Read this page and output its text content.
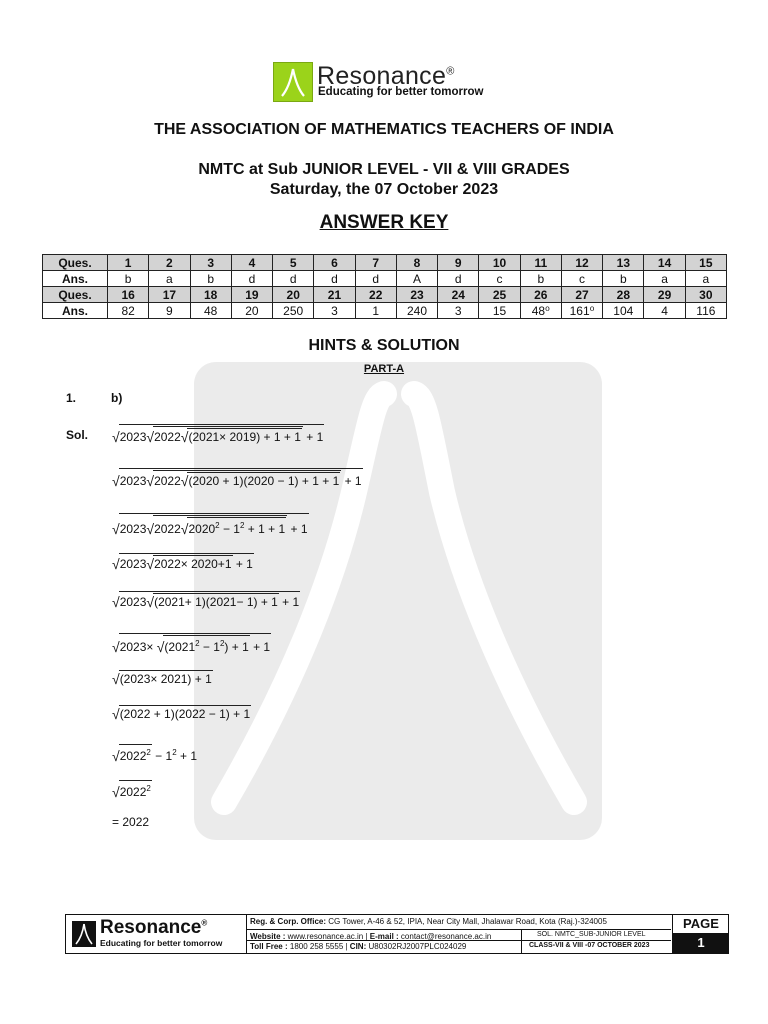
Resonance®
Educating for better tomorrow
THE ASSOCIATION OF MATHEMATICS TEACHERS OF INDIA
NMTC at Sub JUNIOR LEVEL - VII & VIII GRADES
Saturday, the 07 October 2023
ANSWER KEY
Ques.	1	2	3	4	5	6	7	8	9	10	11	12	13	14	15
Ans.	b	a	b	d	d	d	d	A	d	c	b	c	b	a	a
Ques.	16	17	18	19	20	21	22	23	24	25	26	27	28	29	30
Ans.	82	9	48	20	250	3	1	240	3	15	48⁰	161⁰	104	4	116
HINTS & SOLUTION
PART-A
1.	b)
Sol. √2023√2022√(2021× 2019) + 1 + 1 + 1
√2023√2022√(2020 + 1)(2020 − 1) + 1 + 1 + 1
$√2023√2022√2020^2 - 1^2 + 1 + 1 + 1$
√2023√2022× 2020+1 + 1
√2023√(2021+ 1)(2021− 1) + 1 + 1
$√2023\times √(2021^2 - 1^2) + 1 + 1$
√(2023× 2021) + 1
√(2022 + 1)(2022 − 1) + 1
$√2022^2 - 1^2 + 1$
$√2022^2$
= 2022
Resonance®
Educating for better tomorrow
Reg. & Corp. Office: CG Tower, A-46 & 52, IPIA, Near City Mall, Jhalawar Road, Kota (Raj.)-324005
Website : www.resonance.ac.in | E-mail : contact@resonance.ac.in
Toll Free : 1800 258 5555 | CIN: U80302RJ2007PLC024029
SOL. NMTC_SUB-JUNIOR LEVEL
CLASS-VII & VIII -07 OCTOBER 2023
PAGE
1
